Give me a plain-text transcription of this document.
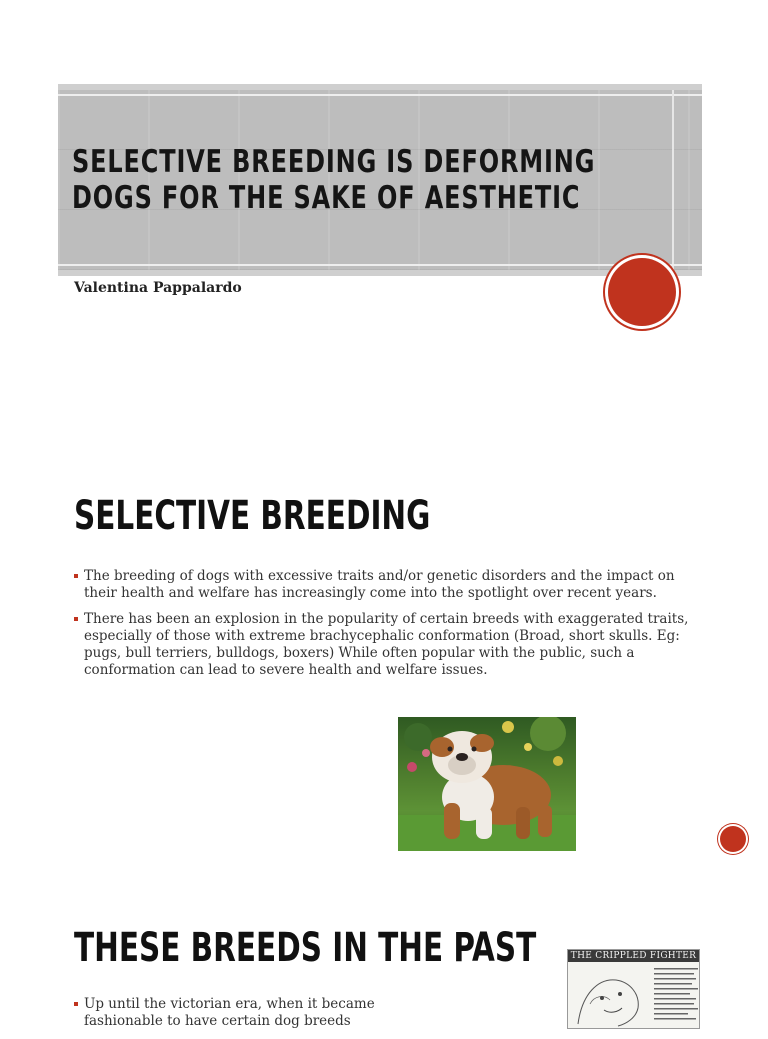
SELECTIVE BREEDING IS DEFORMING DOGS FOR THE SAKE OF AESTHETIC

Valentina Pappalardo

SELECTIVE BREEDING
The breeding of dogs with excessive traits and/or genetic disorders and the impact on their health and welfare has increasingly come into the spotlight over recent years.
There has been an explosion in the popularity of certain breeds with exaggerated traits, especially of those with extreme brachycephalic conformation (Broad, short skulls. Eg: pugs, bull terriers, bulldogs, boxers) While often popular with the public, such a conformation can lead to severe health and welfare issues.
THESE BREEDS IN THE PAST
Up until the victorian era, when it became fashionable to have certain dog breeds
THE CRIPPLED FIGHTER
